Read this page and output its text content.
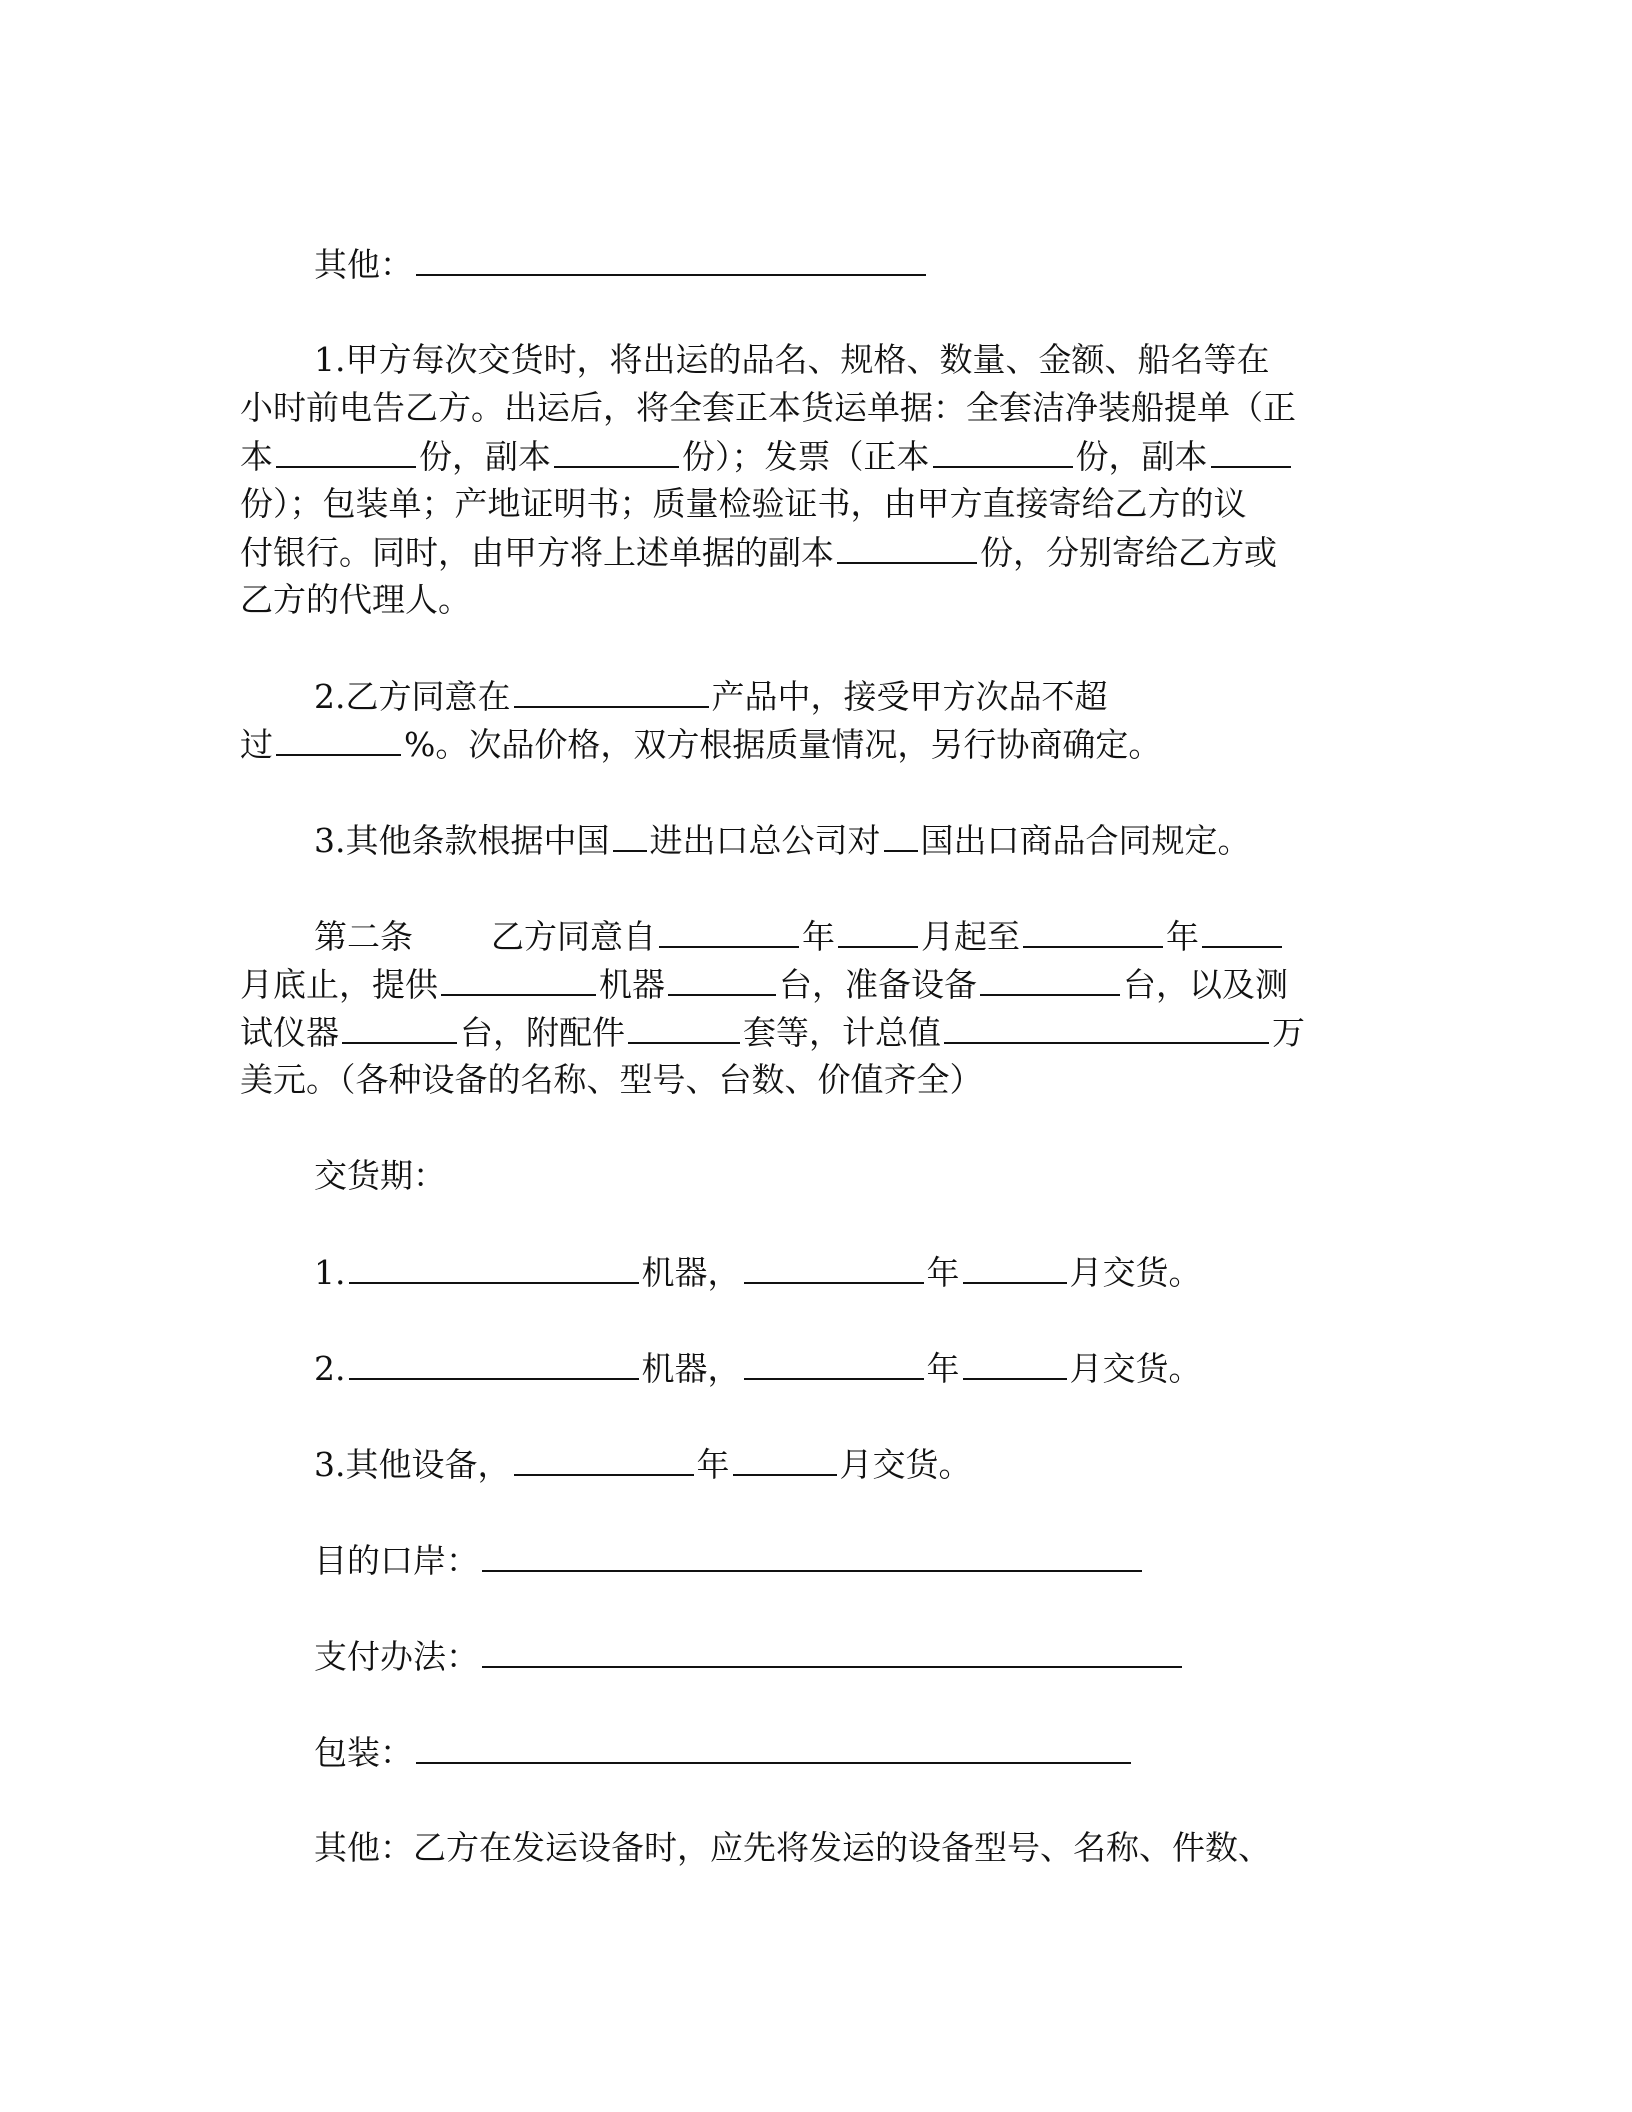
其他：
1.甲方每次交货时，将出运的品名、规格、数量、金额、船名等在
小时前电告乙方。出运后，将全套正本货运单据：全套洁净装船提单（正
本	份，副本	份）；发票（正本	份，副本
份）；包装单；产地证明书；质量检验证书，由甲方直接寄给乙方的议
付银行。同时，由甲方将上述单据的副本	份，分别寄给乙方或
乙方的代理人。
2.乙方同意在	产品中，接受甲方次品不超
过	%。次品价格，双方根据质量情况，另行协商确定。
3.其他条款根据中国 进出口总公司对 国出口商品合同规定。
第二条 乙方同意自	年	月起至	年
月底止，提供	机器	台，准备设备	台，以及测
试仪器	台，附配件	套等，计总值	万
美元。（各种设备的名称、型号、台数、价值齐全）
交货期：
1.	机器，	年	月交货。
2.	机器，	年	月交货。
3.其他设备，	年	月交货。
目的口岸：
支付办法：
包装：
其他：乙方在发运设备时，应先将发运的设备型号、名称、件数、
